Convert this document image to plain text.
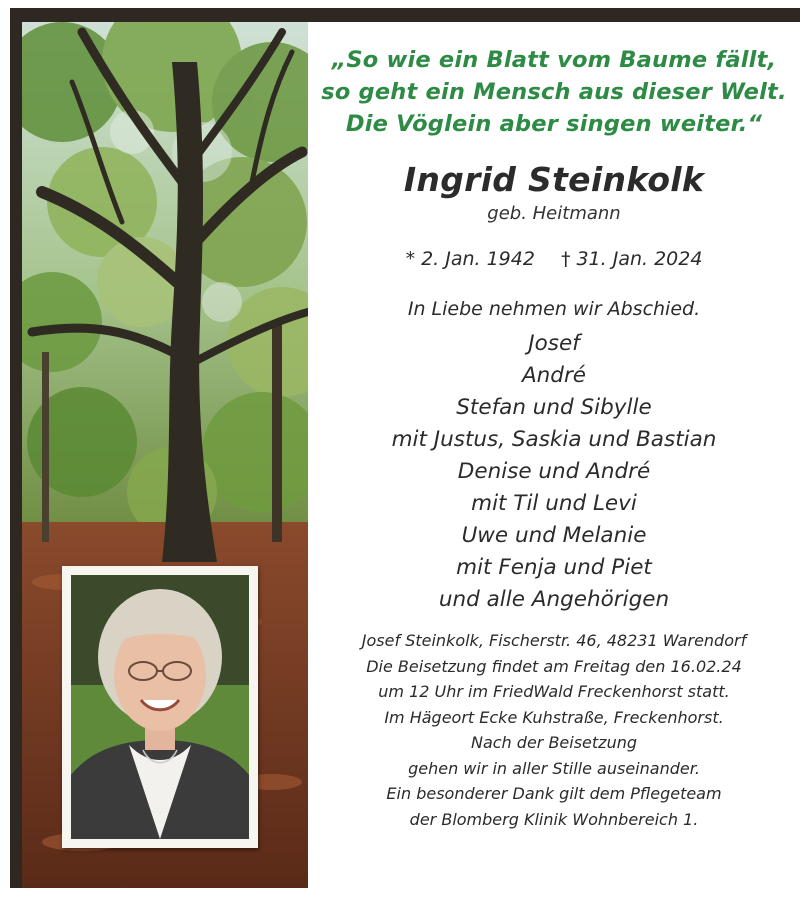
„So wie ein Blatt vom Baume fällt,
so geht ein Mensch aus dieser Welt.
Die Vöglein aber singen weiter.“
Ingrid Steinkolk
geb. Heitmann
* 2. Jan. 1942 † 31. Jan. 2024
In Liebe nehmen wir Abschied.
Josef
André
Stefan und Sibylle
mit Justus, Saskia und Bastian
Denise und André
mit Til und Levi
Uwe und Melanie
mit Fenja und Piet
und alle Angehörigen
Josef Steinkolk, Fischerstr. 46, 48231 Warendorf
Die Beisetzung findet am Freitag den 16.02.24
um 12 Uhr im FriedWald Freckenhorst statt.
Im Hägeort Ecke Kuhstraße, Freckenhorst.
Nach der Beisetzung
gehen wir in aller Stille auseinander.
Ein besonderer Dank gilt dem Pflegeteam
der Blomberg Klinik Wohnbereich 1.
